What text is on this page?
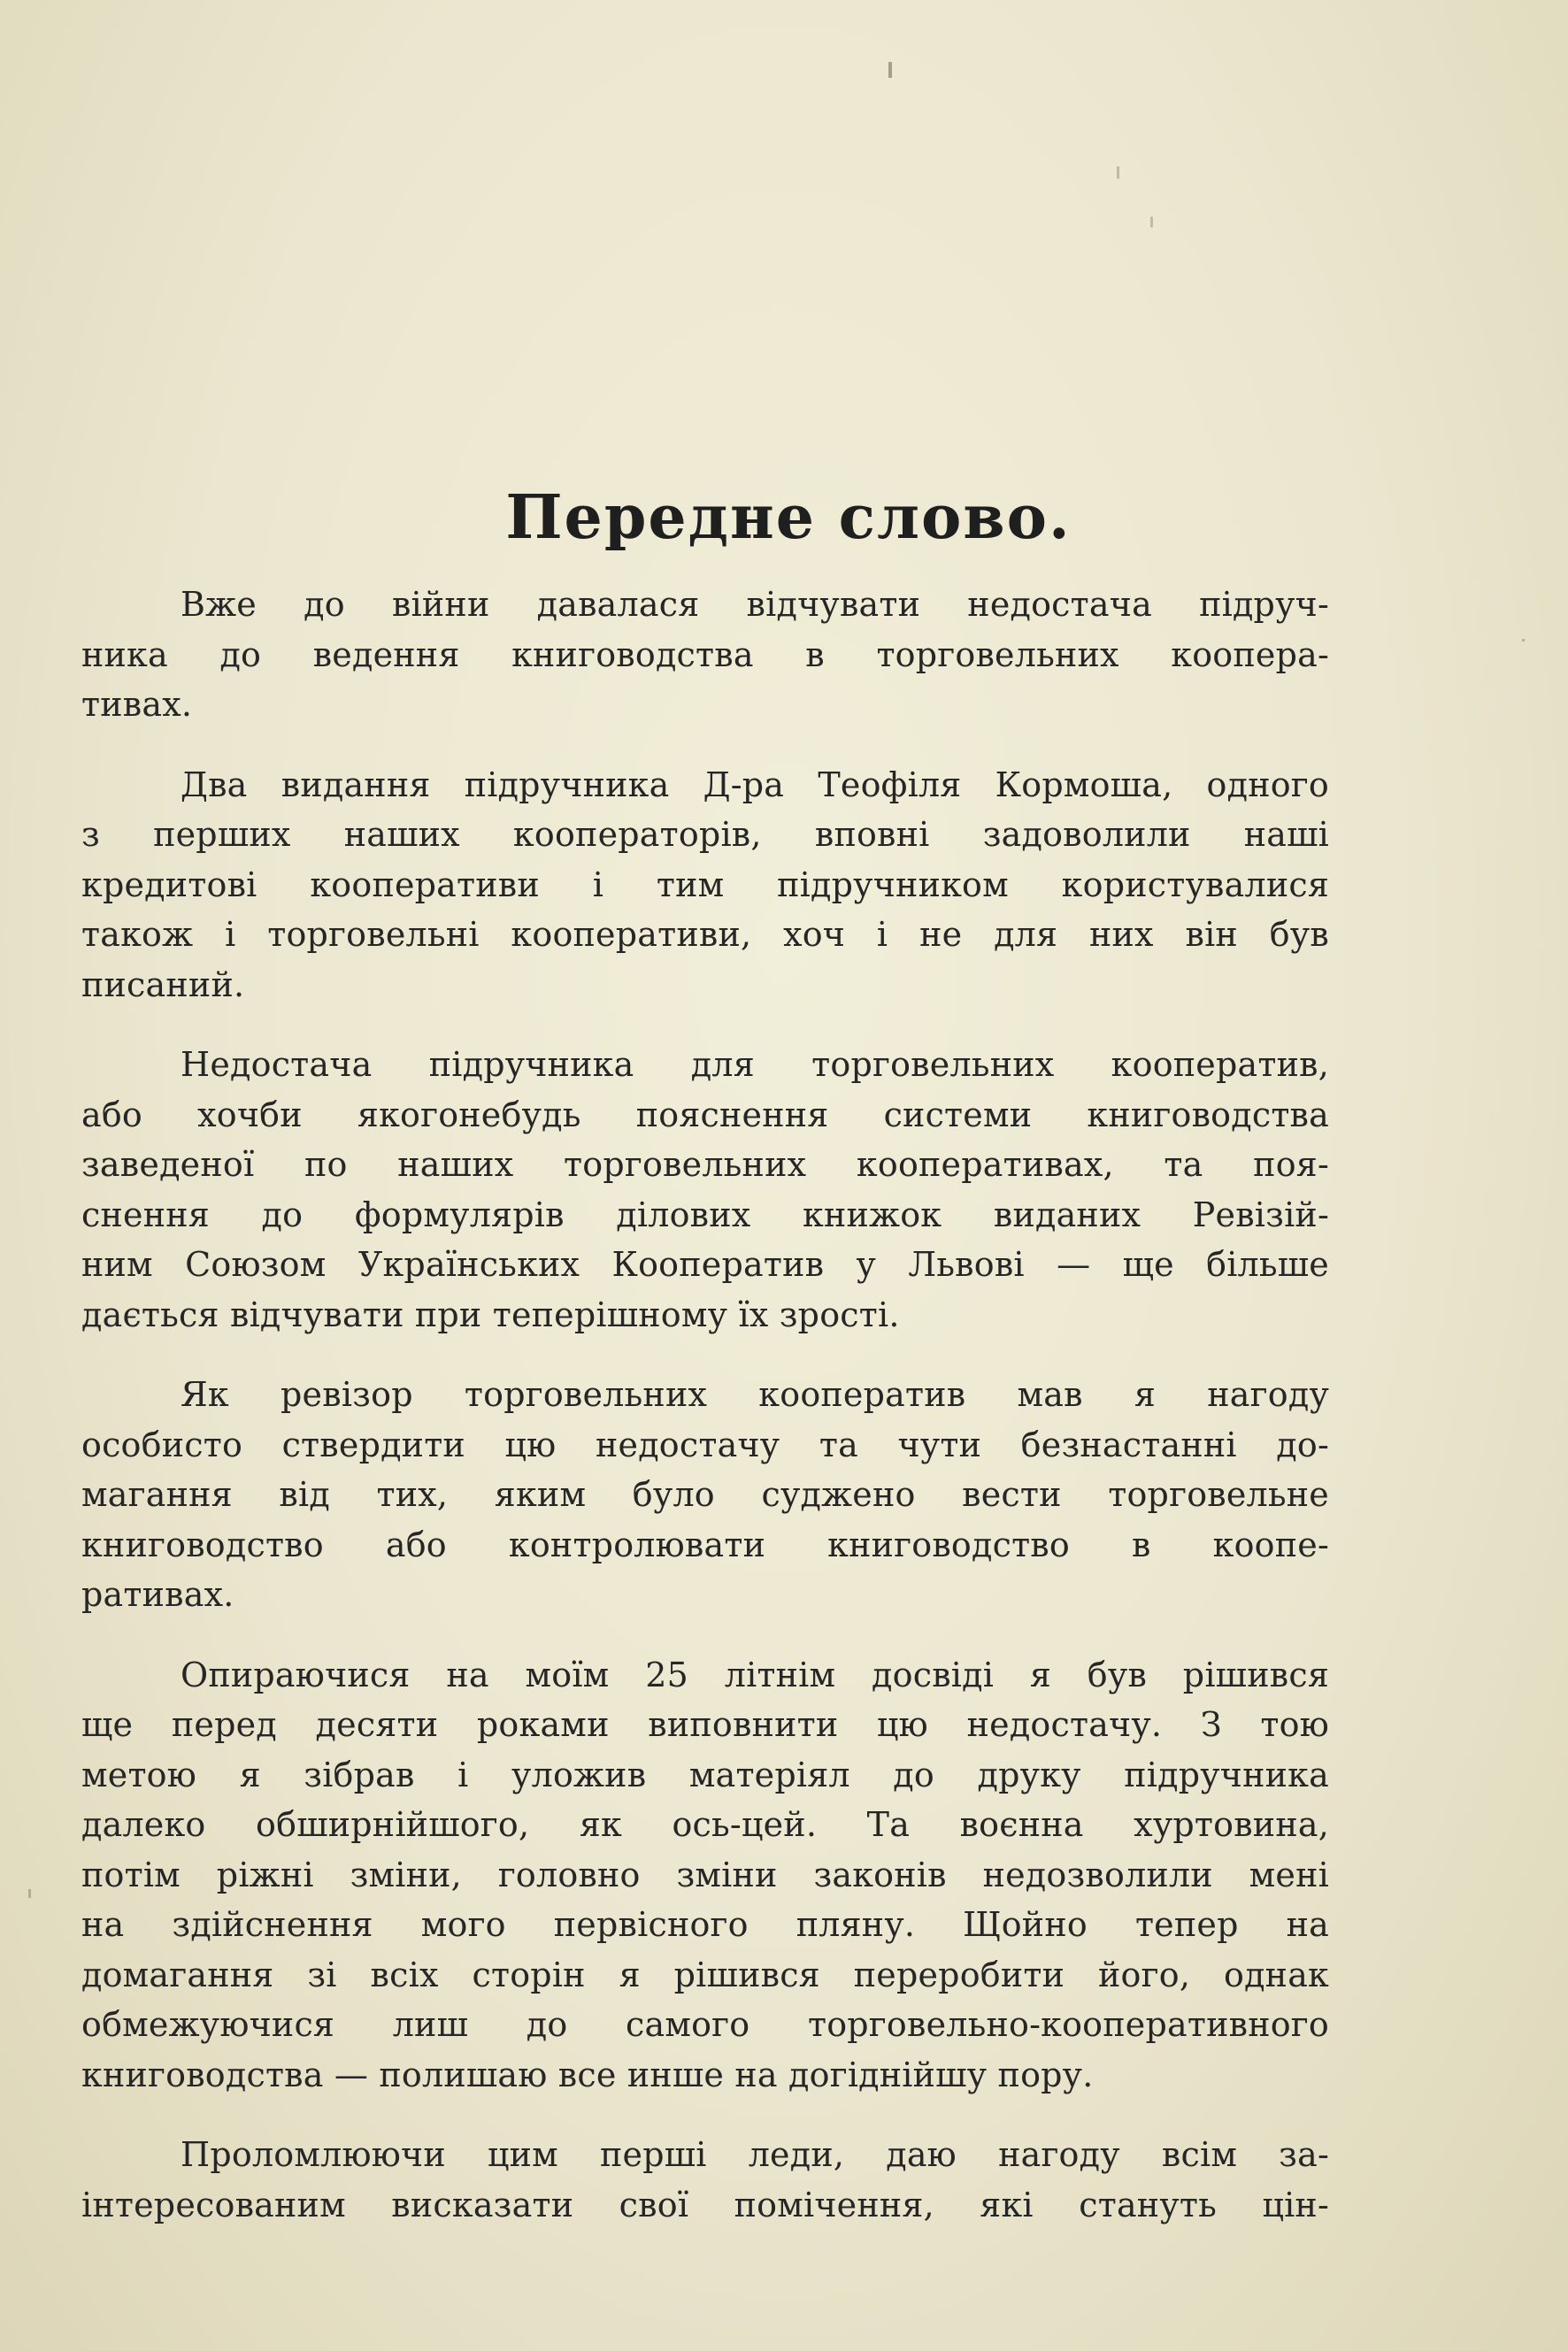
Передне слово.
Вже до війни давалася відчувати недостача підруч-
ника до ведення книговодства в торговельних коопера-
тивах.
Два видання підручника Д-ра Теофіля Кормоша, одного
з перших наших кооператорів, вповні задоволили наші
кредитові кооперативи і тим підручником користувалися
також і торговельні кооперативи, хоч і не для них він був
писаний.
Недостача підручника для торговельних кооператив,
або хочби якогонебудь пояснення системи книговодства
заведеної по наших торговельних кооперативах, та поя-
снення до формулярів ділових книжок виданих Ревізій-
ним Союзом Українських Кооператив у Львові — ще більше
дається відчувати при теперішному їх зрості.
Як ревізор торговельних кооператив мав я нагоду
особисто ствердити цю недостачу та чути безнастанні до-
магання від тих, яким було суджено вести торговельне
книговодство або контролювати книговодство в коопе-
ративах.
Опираючися на моїм 25 літнім досвіді я був рішився
ще перед десяти роками виповнити цю недостачу. З тою
метою я зібрав і уложив матеріял до друку підручника
далеко обширнійшого, як ось-цей. Та воєнна хуртовина,
потім ріжні зміни, головно зміни законів недозволили мені
на здійснення мого первісного пляну. Щойно тепер на
домагання зі всіх сторін я рішився переробити його, однак
обмежуючися лиш до самого торговельно-кооперативного
книговодства — полишаю все инше на догіднійшу пору.
Проломлюючи цим перші леди, даю нагоду всім за-
інтересованим висказати свої помічення, які стануть цін-
